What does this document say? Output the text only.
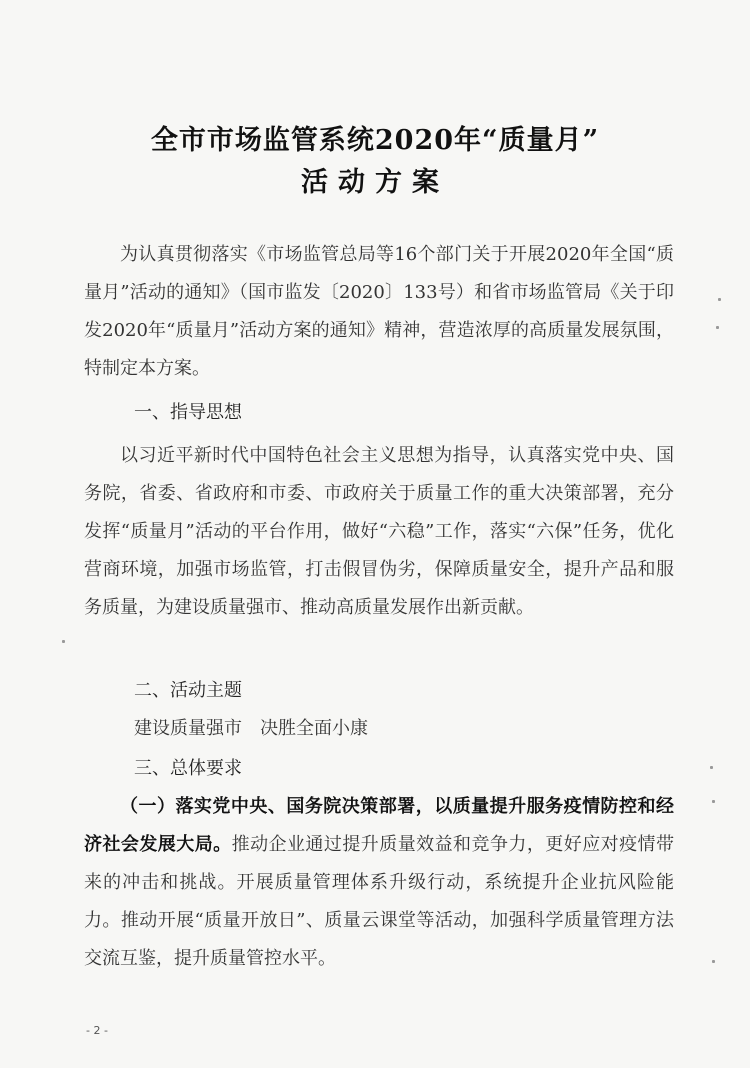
全市市场监管系统2020年“质量月”
活动方案
为认真贯彻落实《市场监管总局等16个部门关于开展2020年全国“质量月”活动的通知》（国市监发〔2020〕133号）和省市场监管局《关于印发2020年“质量月”活动方案的通知》精神，营造浓厚的高质量发展氛围，特制定本方案。
一、指导思想
以习近平新时代中国特色社会主义思想为指导，认真落实党中央、国务院，省委、省政府和市委、市政府关于质量工作的重大决策部署，充分发挥“质量月”活动的平台作用，做好“六稳”工作，落实“六保”任务，优化营商环境，加强市场监管，打击假冒伪劣，保障质量安全，提升产品和服务质量，为建设质量强市、推动高质量发展作出新贡献。
二、活动主题
建设质量强市　决胜全面小康
三、总体要求
（一）落实党中央、国务院决策部署，以质量提升服务疫情防控和经济社会发展大局。推动企业通过提升质量效益和竞争力，更好应对疫情带来的冲击和挑战。开展质量管理体系升级行动，系统提升企业抗风险能力。推动开展“质量开放日”、质量云课堂等活动，加强科学质量管理方法交流互鉴，提升质量管控水平。
- 2 -
